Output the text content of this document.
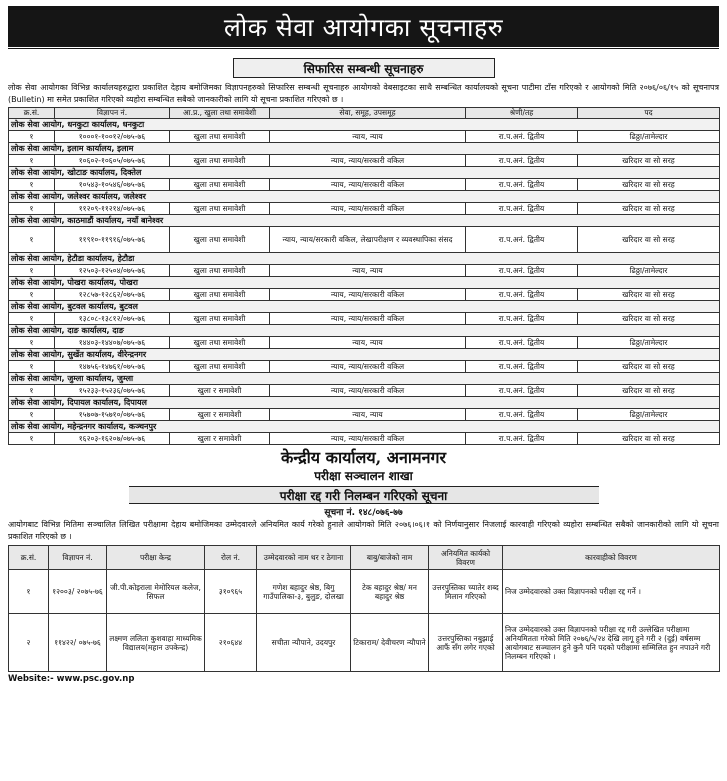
लोक सेवा आयोगका सूचनाहरु
सिफारिस सम्बन्धी सूचनाहरु

लोक सेवा आयोगका विभिन्न कार्यालयहरुद्वारा प्रकाशित देहाय बमोजिमका विज्ञापनहरुको सिफारिस सम्बन्धी सूचनाहरु आयोगको वेबसाइटका साथै सम्बन्धित कार्यालयको सूचना पाटीमा टाँस गरिएको र आयोगको मिति २०७६/०६/१५ को सूचनापत्र (Bulletin) मा समेत प्रकाशित गरिएको व्यहोरा सम्बन्धित सबैको जानकारीको लागि यो सूचना प्रकाशित गरिएको छ ।

क्र.सं.	विज्ञापन नं.	आ.प्र., खुला तथा समावेशी	सेवा, समूह, उपसमूह	श्रेणी/तह	पद
लोक सेवा आयोग, धनकुटा कार्यालय, धनकुटा					
१	१०००१-१००१२/०७५-७६	खुला तथा समावेशी	न्याय, न्याय	रा.प.अनं. द्वितीय	ढिठ्ठा/तामेल्दार
लोक सेवा आयोग, इलाम कार्यालय, इलाम					
१	१०६०२-१०६०५/०७५-७६	खुला तथा समावेशी	न्याय, न्याय/सरकारी वकिल	रा.प.अनं. द्वितीय	खरिदार वा सो सरह
लोक सेवा आयोग, खोटाङ कार्यालय, दिक्तेल					
१	१०५४३-१०५४६/०७५-७६	खुला तथा समावेशी	न्याय, न्याय/सरकारी वकिल	रा.प.अनं. द्वितीय	खरिदार वा सो सरह
लोक सेवा आयोग, जलेश्वर कार्यालय, जलेश्वर					
१	११२०९-११२१४/०७५-७६	खुला तथा समावेशी	न्याय, न्याय/सरकारी वकिल	रा.प.अनं. द्वितीय	खरिदार वा सो सरह
लोक सेवा आयोग, काठमाडौं कार्यालय, नयाँ बानेश्वर					
१	११९१०-११९१६/०७५-७६	खुला तथा समावेशी	न्याय, न्याय/सरकारी वकिल, लेखापरीक्षण र व्यवस्थापिका संसद	रा.प.अनं. द्वितीय	खरिदार वा सो सरह
लोक सेवा आयोग, हेटौडा कार्यालय, हेटौडा					
१	१२५०३-१२५०४/०७५-७६	खुला तथा समावेशी	न्याय, न्याय	रा.प.अनं. द्वितीय	ढिठ्ठा/तामेल्दार
लोक सेवा आयोग, पोखरा कार्यालय, पोखरा					
१	१२८५७-१२८६२/०७५-७६	खुला तथा समावेशी	न्याय, न्याय/सरकारी वकिल	रा.प.अनं. द्वितीय	खरिदार वा सो सरह
लोक सेवा आयोग, बुटवल कार्यालय, बुटवल					
१	१३८०८-१३८१२/०७५-७६	खुला तथा समावेशी	न्याय, न्याय/सरकारी वकिल	रा.प.अनं. द्वितीय	खरिदार वा सो सरह
लोक सेवा आयोग, दाङ कार्यालय, दाङ					
१	१४४०३-१४४०७/०७५-७६	खुला तथा समावेशी	न्याय, न्याय	रा.प.अनं. द्वितीय	ढिठ्ठा/तामेल्दार
लोक सेवा आयोग, सुर्खेत कार्यालय, वीरेन्द्रनगर					
१	१४७५६-१४७६१/०७५-७६	खुला तथा समावेशी	न्याय, न्याय/सरकारी वकिल	रा.प.अनं. द्वितीय	खरिदार वा सो सरह
लोक सेवा आयोग, जुम्ला कार्यालय, जुम्ला					
१	१५२३३-१५२३६/०७५-७६	खुला र समावेशी	न्याय, न्याय/सरकारी वकिल	रा.प.अनं. द्वितीय	खरिदार वा सो सरह
लोक सेवा आयोग, दिपायल कार्यालय, दिपायल					
१	१५७०७-१५७१०/०७५-७६	खुला र समावेशी	न्याय, न्याय	रा.प.अनं. द्वितीय	ढिठ्ठा/तामेल्दार
लोक सेवा आयोग, महेन्द्रनगर कार्यालय, कञ्चनपुर					
१	१६२०३-१६२०७/०७५-७६	खुला र समावेशी	न्याय, न्याय/सरकारी वकिल	रा.प.अनं. द्वितीय	खरिदार वा सो सरह
केन्द्रीय कार्यालय, अनामनगर
परीक्षा सञ्चालन शाखा
परीक्षा रद्द गरी निलम्बन गरिएको सूचना
सूचना नं. १४८/०७६-७७

आयोगबाट विभिन्न मितिमा सञ्चालित लिखित परीक्षामा देहाय बमोजिमका उम्मेदवारले अनियमित कार्य गरेको हुनाले आयोगको मिति २०७६।०६।१ को निर्णयानुसार निजलाई कारवाही गरिएको व्यहोरा सम्बन्धित सबैको जानकारीको लागि यो सूचना प्रकाशित गरिएको छ ।

क्र.सं.	विज्ञापन नं.	परीक्षा केन्द्र	रोल नं.	उम्मेदवारको नाम थर र ठेगाना	बाबु/बाजेको नाम	अनियमित कार्यको विवरण	कारवाहीको विवरण
१	१२००३/ २०७५-७६	जी.पी.कोइराला मेमोरियल कलेज, सिफल	३१०९६५	गणेश बहादुर श्रेष्ठ, बिगु गाउँपालिका-३, बुलुङ, दोलखा	टेक बहादुर श्रेष्ठ/ मन बहादुर श्रेष्ठ	उत्तरपुस्तिका च्यातेर शब्द मिलान गरिएको	निज उम्मेदवारको उक्त विज्ञापनको परीक्षा रद्द गर्ने ।
२	११४२२/ ०७५-७६	लक्ष्मण ललिता कुशवाहा माध्यमिक विद्यालय(महान उपकेन्द्र)	२१०६४४	सचीता न्यौपाने, उदयपुर	टिकाराम/ देवीचरण न्यौपाने	उत्तरपुस्तिका नबुझाई आफैं सँग लगेर गएको	निज उम्मेदवारको उक्त विज्ञापनको परीक्षा रद्द गरी उल्लेखित परीक्षामा अनियमितता गरेको मिति २०७६/५/२४ देखि लागू हुने गरी २ (दुई) वर्षसम्म आयोगबाट सञ्चालन हुने कुनै पनि पदको परीक्षामा सम्मिलित हुन नपाउने गरी निलम्बन गरिएको ।
Website:- www.psc.gov.np
